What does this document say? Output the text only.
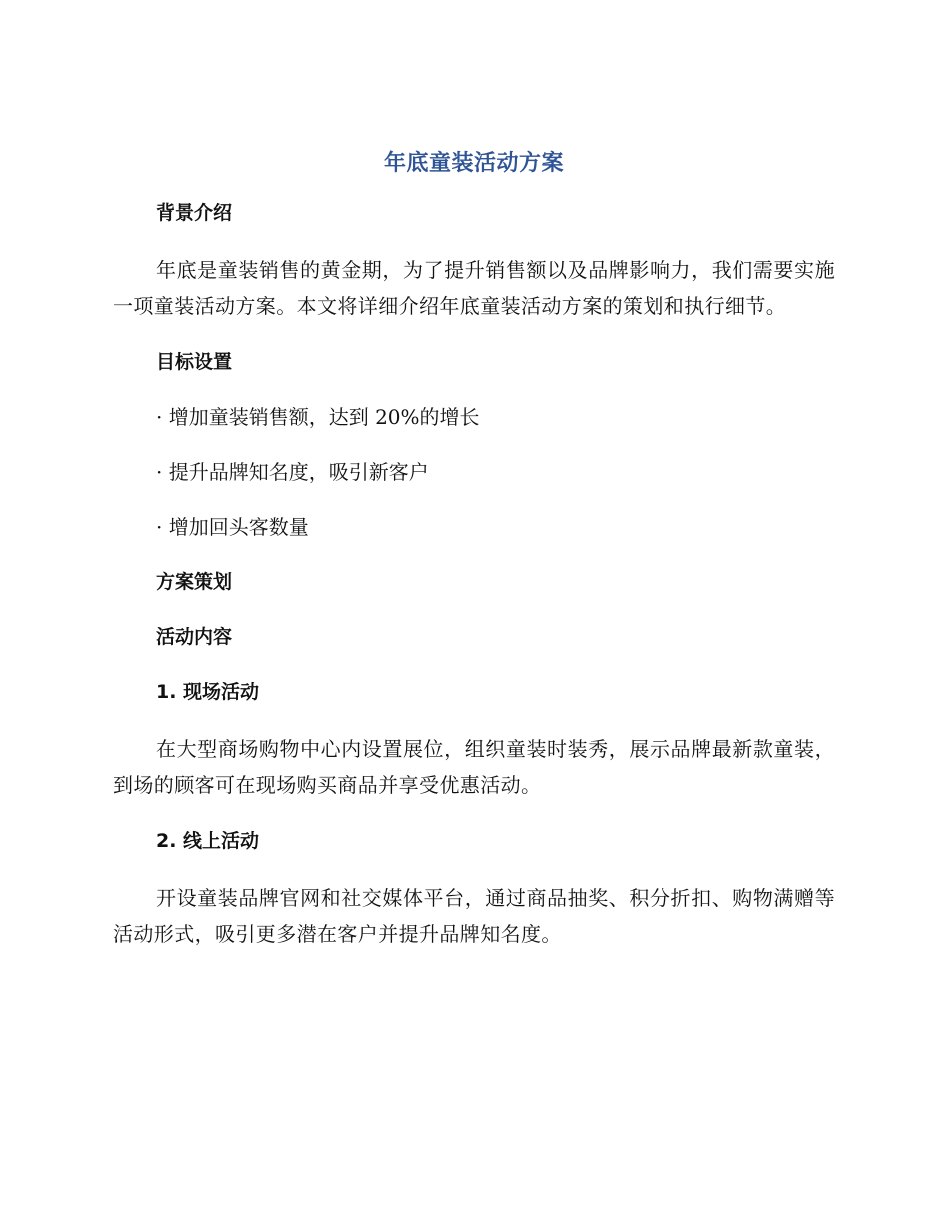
年底童装活动方案
背景介绍

年底是童装销售的黄金期，为了提升销售额以及品牌影响力，我们需要实施一项童装活动方案。本文将详细介绍年底童装活动方案的策划和执行细节。

目标设置
· 增加童装销售额，达到 20%的增长
· 提升品牌知名度，吸引新客户
· 增加回头客数量
方案策划
活动内容
1. 现场活动

在大型商场购物中心内设置展位，组织童装时装秀，展示品牌最新款童装，到场的顾客可在现场购买商品并享受优惠活动。

2. 线上活动

开设童装品牌官网和社交媒体平台，通过商品抽奖、积分折扣、购物满赠等活动形式，吸引更多潜在客户并提升品牌知名度。
